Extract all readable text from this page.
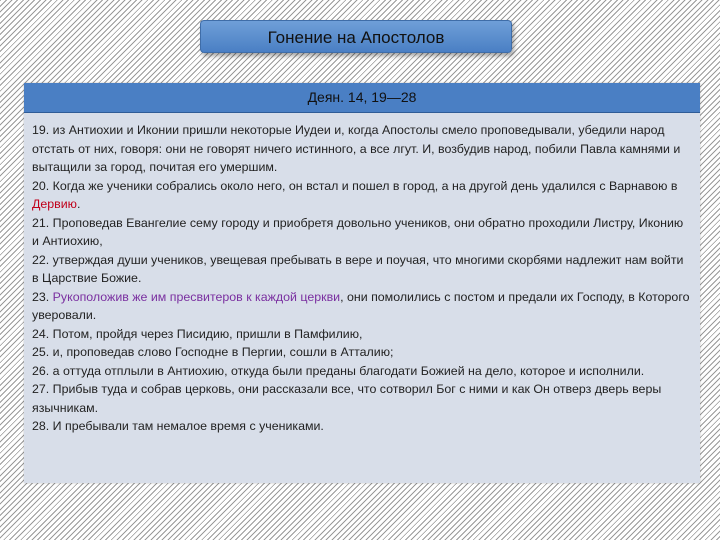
Гонение на Апостолов
Деян. 14, 19—28

19. из Антиохии и Иконии пришли некоторые Иудеи и, когда Апостолы смело проповедывали, убедили народ отстать от них, говоря: они не говорят ничего истинного, а все лгут. И, возбудив народ, побили Павла камнями и вытащили за город, почитая его умершим.

20. Когда же ученики собрались около него, он встал и пошел в город, а на другой день удалился с Варнавою в Дервию.

21. Проповедав Евангелие сему городу и приобретя довольно учеников, они обратно проходили Листру, Иконию и Антиохию,

22. утверждая души учеников, увещевая пребывать в вере и поучая, что многими скорбями надлежит нам войти в Царствие Божие.

23. Рукоположив же им пресвитеров к каждой церкви, они помолились с постом и предали их Господу, в Которого уверовали.

24. Потом, пройдя через Писидию, пришли в Памфилию,

25. и, проповедав слово Господне в Пергии, сошли в Атталию;

26. а оттуда отплыли в Антиохию, откуда были преданы благодати Божией на дело, которое и исполнили.

27. Прибыв туда и собрав церковь, они рассказали все, что сотворил Бог с ними и как Он отверз дверь веры язычникам.

28. И пребывали там немалое время с учениками.
